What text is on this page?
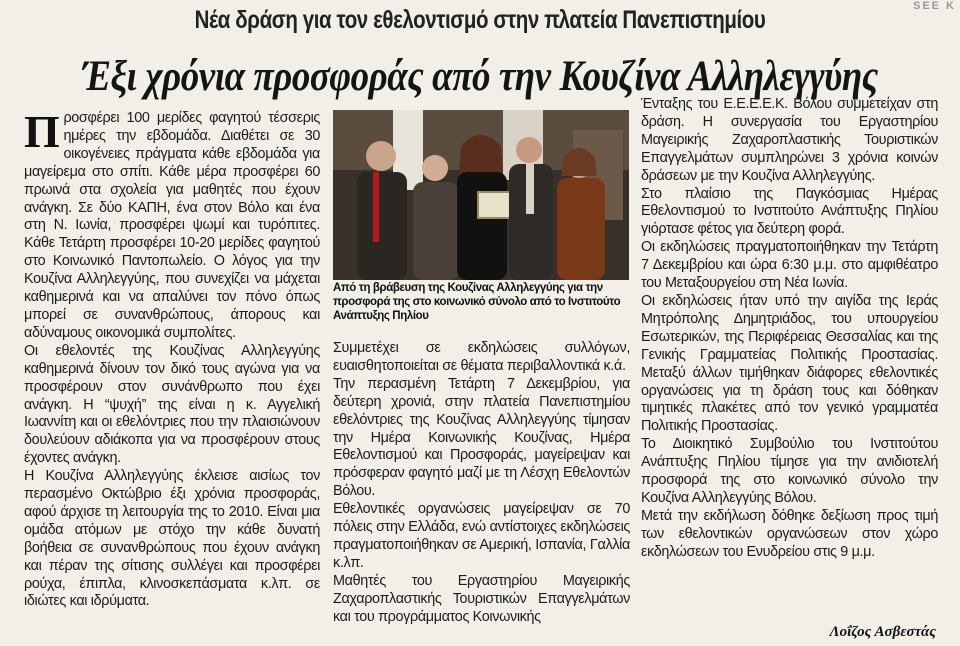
SEE K
Νέα δράση για τον εθελοντισμό στην πλατεία Πανεπιστημίου
Έξι χρόνια προσφοράς από την Κουζίνα Αλληλεγγύης

Προσφέρει 100 μερίδες φαγητού τέσσερις ημέρες την εβδομάδα. Διαθέτει σε 30 οικογένειες πράγματα κάθε εβδομάδα για μαγείρεμα στο σπίτι. Κάθε μέρα προσφέρει 60 πρωινά στα σχολεία για μαθητές που έχουν ανάγκη. Σε δύο ΚΑΠΗ, ένα στον Βόλο και ένα στη Ν. Ιωνία, προσφέρει ψωμί και τυρόπιτες. Κάθε Τετάρτη προσφέρει 10-20 μερίδες φαγητού στο Κοινωνικό Παντοπωλείο. Ο λόγος για την Κουζίνα Αλληλεγγύης, που συνεχίζει να μάχεται καθημερινά και να απαλύνει τον πόνο όπως μπορεί σε συνανθρώπους, άπορους και αδύναμους οικονομικά συμπολίτες.

Οι εθελοντές της Κουζίνας Αλληλεγγύης καθημερινά δίνουν τον δικό τους αγώνα για να προσφέρουν στον συνάνθρωπο που έχει ανάγκη. Η “ψυχή” της είναι η κ. Αγγελική Ιωαννίτη και οι εθελόντριες που την πλαισιώνουν δουλεύουν αδιάκοπα για να προσφέρουν στους έχοντες ανάγκη.

Η Κουζίνα Αλληλεγγύης έκλεισε αισίως τον περασμένο Οκτώβριο έξι χρόνια προσφοράς, αφού άρχισε τη λειτουργία της το 2010. Είναι μια ομάδα ατόμων με στόχο την κάθε δυνατή βοήθεια σε συνανθρώπους που έχουν ανάγκη και πέραν της σίτισης συλλέγει και προσφέρει ρούχα, έπιπλα, κλινοσκεπάσματα κ.λπ. σε ιδιώτες και ιδρύματα.

Από τη βράβευση της Κουζίνας Αλληλεγγύης για την προσφορά της στο κοινωνικό σύνολο από το Ινστιτούτο Ανάπτυξης Πηλίου

Συμμετέχει σε εκδηλώσεις συλλόγων, ευαισθητοποιείται σε θέματα περιβαλλοντικά κ.ά.

Την περασμένη Τετάρτη 7 Δεκεμβρίου, για δεύτερη χρονιά, στην πλατεία Πανεπιστημίου εθελόντριες της Κουζίνας Αλληλεγγύης τίμησαν την Ημέρα Κοινωνικής Κουζίνας, Ημέρα Εθελοντισμού και Προσφοράς, μαγείρεψαν και πρόσφεραν φαγητό μαζί με τη Λέσχη Εθελοντών Βόλου.

Εθελοντικές οργανώσεις μαγείρεψαν σε 70 πόλεις στην Ελλάδα, ενώ αντίστοιχες εκδηλώσεις πραγματοποιήθηκαν σε Αμερική, Ισπανία, Γαλλία κ.λπ.

Μαθητές του Εργαστηρίου Μαγειρικής Ζαχαροπλαστικής Τουριστικών Επαγγελμάτων και του προγράμματος Κοινωνικής

Ένταξης του Ε.Ε.Ε.Ε.Κ. Βόλου συμμετείχαν στη δράση. Η συνεργασία του Εργαστηρίου Μαγειρικής Ζαχαροπλαστικής Τουριστικών Επαγγελμάτων συμπληρώνει 3 χρόνια κοινών δράσεων με την Κουζίνα Αλληλεγγύης.

Στο πλαίσιο της Παγκόσμιας Ημέρας Εθελοντισμού το Ινστιτούτο Ανάπτυξης Πηλίου γιόρτασε φέτος για δεύτερη φορά.

Οι εκδηλώσεις πραγματοποιήθηκαν την Τετάρτη 7 Δεκεμβρίου και ώρα 6:30 μ.μ. στο αμφιθέατρο του Μεταξουργείου στη Νέα Ιωνία.

Οι εκδηλώσεις ήταν υπό την αιγίδα της Ιεράς Μητρόπολης Δημητριάδος, του υπουργείου Εσωτερικών, της Περιφέρειας Θεσσαλίας και της Γενικής Γραμματείας Πολιτικής Προστασίας. Μεταξύ άλλων τιμήθηκαν διάφορες εθελοντικές οργανώσεις για τη δράση τους και δόθηκαν τιμητικές πλακέτες από τον γενικό γραμματέα Πολιτικής Προστασίας.

Το Διοικητικό Συμβούλιο του Ινστιτούτου Ανάπτυξης Πηλίου τίμησε για την ανιδιοτελή προσφορά της στο κοινωνικό σύνολο την Κουζίνα Αλληλεγγύης Βόλου.

Μετά την εκδήλωση δόθηκε δεξίωση προς τιμή των εθελοντικών οργανώσεων στον χώρο εκδηλώσεων του Ενυδρείου στις 9 μ.μ.

Λοΐζος Ασβεστάς
